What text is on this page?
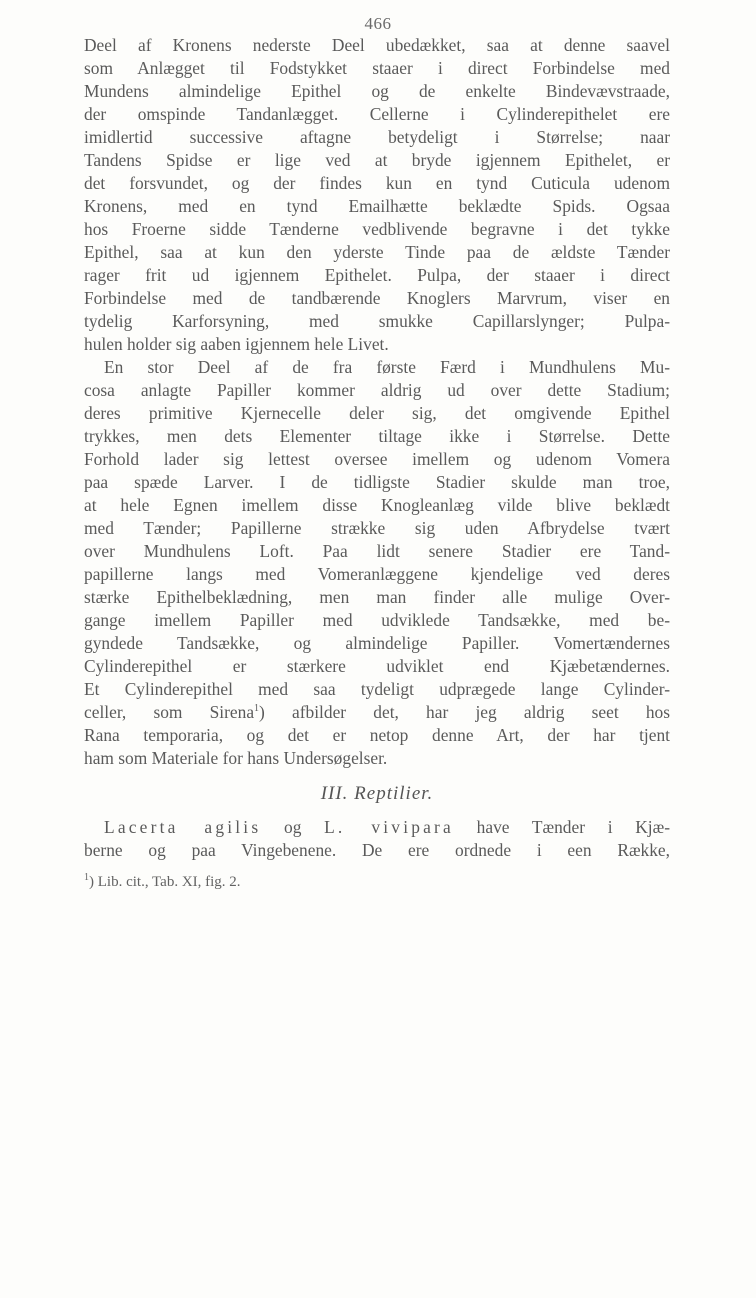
466
Deel af Kronens nederste Deel ubedækket, saa at denne saavel
som Anlægget til Fodstykket staaer i direct Forbindelse med
Mundens almindelige Epithel og de enkelte Bindevævstraade,
der omspinde Tandanlægget. Cellerne i Cylinderepithelet ere
imidlertid successive aftagne betydeligt i Størrelse; naar
Tandens Spidse er lige ved at bryde igjennem Epithelet, er
det forsvundet, og der findes kun en tynd Cuticula udenom
Kronens, med en tynd Emailhætte beklædte Spids. Ogsaa
hos Froerne sidde Tænderne vedblivende begravne i det tykke
Epithel, saa at kun den yderste Tinde paa de ældste Tænder
rager frit ud igjennem Epithelet. Pulpa, der staaer i direct
Forbindelse med de tandbærende Knoglers Marvrum, viser en
tydelig Karforsyning, med smukke Capillarslynger; Pulpa-
hulen holder sig aaben igjennem hele Livet.
En stor Deel af de fra første Færd i Mundhulens Mu-
cosa anlagte Papiller kommer aldrig ud over dette Stadium;
deres primitive Kjernecelle deler sig, det omgivende Epithel
trykkes, men dets Elementer tiltage ikke i Størrelse. Dette
Forhold lader sig lettest oversee imellem og udenom Vomera
paa spæde Larver. I de tidligste Stadier skulde man troe,
at hele Egnen imellem disse Knogleanlæg vilde blive beklædt
med Tænder; Papillerne strække sig uden Afbrydelse tvært
over Mundhulens Loft. Paa lidt senere Stadier ere Tand-
papillerne langs med Vomeranlæggene kjendelige ved deres
stærke Epithelbeklædning, men man finder alle mulige Over-
gange imellem Papiller med udviklede Tandsække, med be-
gyndede Tandsække, og almindelige Papiller. Vomertændernes
Cylinderepithel er stærkere udviklet end Kjæbetændernes.
Et Cylinderepithel med saa tydeligt udprægede lange Cylinder-
celler, som Sirena$^1$) afbilder det, har jeg aldrig seet hos
Rana temporaria, og det er netop denne Art, der har tjent
ham som Materiale for hans Undersøgelser.
III. Reptilier.
Lacerta agilis og L. vivipara have Tænder i Kjæ-
berne og paa Vingebenene. De ere ordnede i een Række,
$^1$) Lib. cit., Tab. XI, fig. 2.
